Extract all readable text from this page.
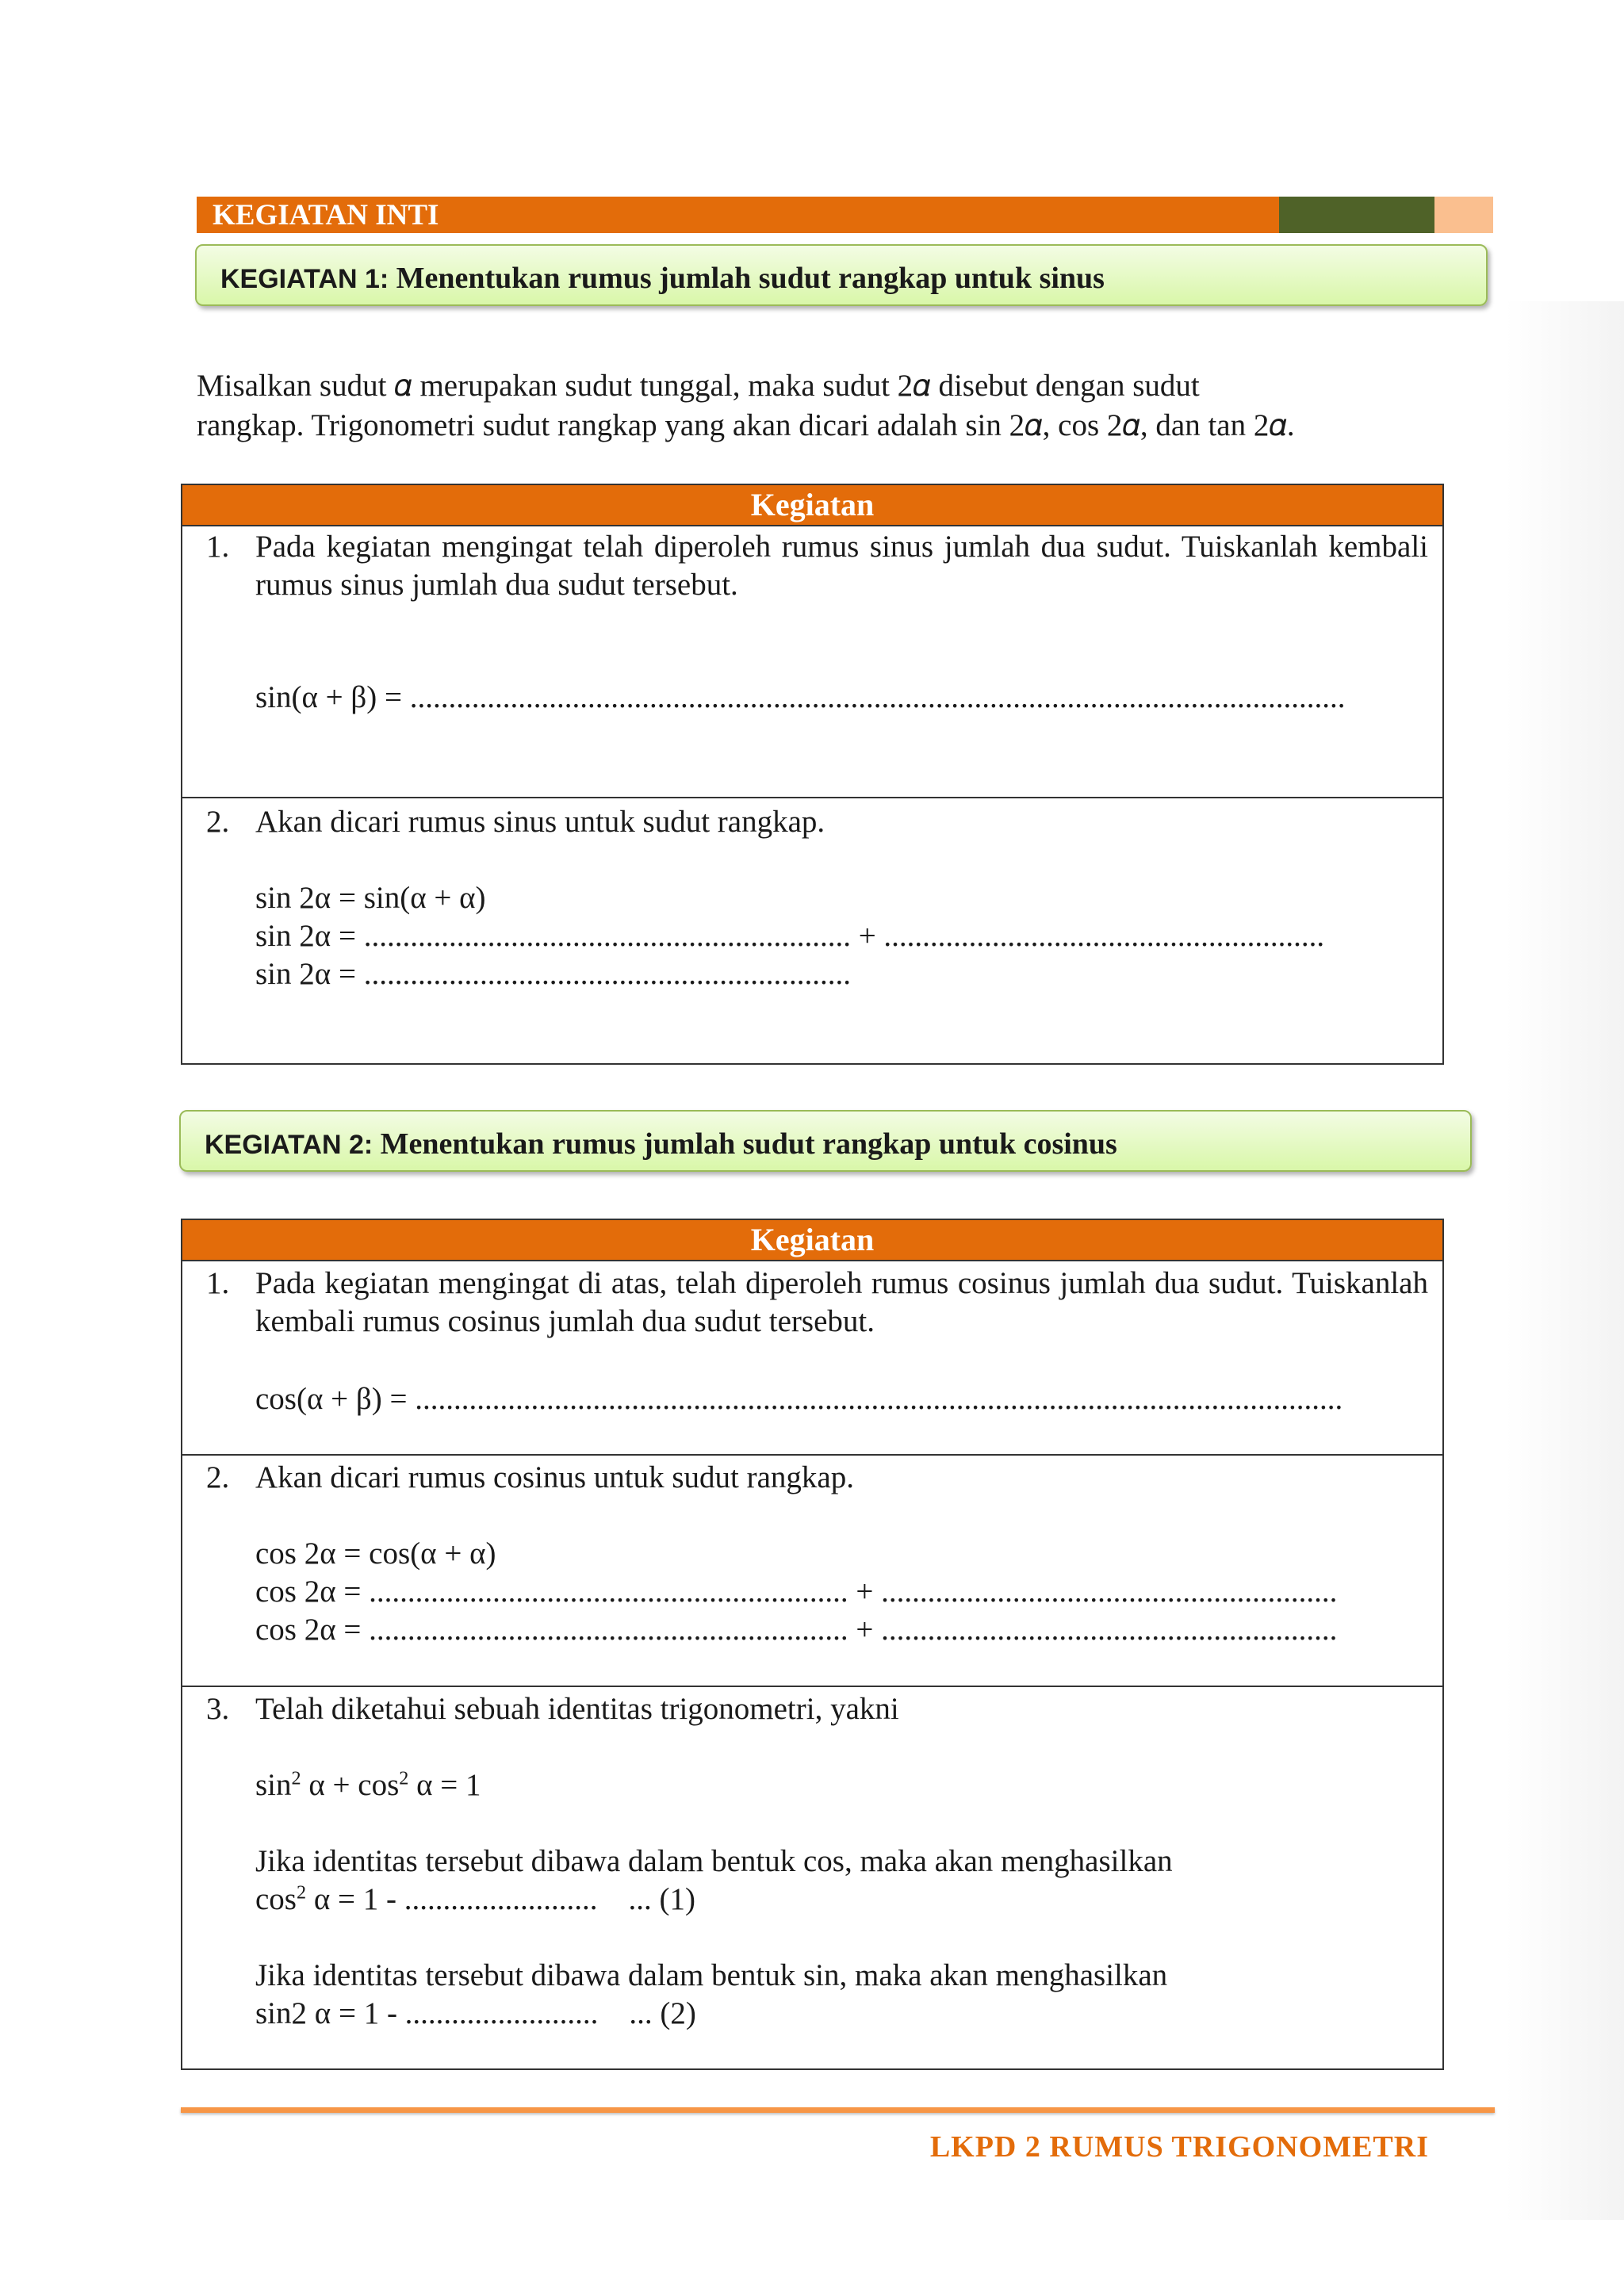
KEGIATAN INTI
KEGIATAN 1: Menentukan rumus jumlah sudut rangkap untuk sinus
Misalkan sudut 𝛼 merupakan sudut tunggal, maka sudut 2𝛼 disebut dengan sudut
rangkap. Trigonometri sudut rangkap yang akan dicari adalah sin 2𝛼, cos 2𝛼, dan tan 2𝛼.
Kegiatan
1. Pada kegiatan mengingat telah diperoleh rumus sinus jumlah dua sudut. Tuiskanlah kembali rumus sinus jumlah dua sudut tersebut.
sin(α + β) = .........................................................................................................................
2. Akan dicari rumus sinus untuk sudut rangkap.
sin 2α = sin(α + α)
sin 2α = ............................................................... + .........................................................
sin 2α = ...............................................................
KEGIATAN 2: Menentukan rumus jumlah sudut rangkap untuk cosinus
Kegiatan
1. Pada kegiatan mengingat di atas, telah diperoleh rumus cosinus jumlah dua sudut. Tuiskanlah kembali rumus cosinus jumlah dua sudut tersebut.
cos(α + β) = ........................................................................................................................
2. Akan dicari rumus cosinus untuk sudut rangkap.
cos 2α = cos(α + α)
cos 2α = .............................................................. + ...........................................................
cos 2α = .............................................................. + ...........................................................
3. Telah diketahui sebuah identitas trigonometri, yakni
$\sin^2 \alpha + \cos^2 \alpha = 1$
Jika identitas tersebut dibawa dalam bentuk cos, maka akan menghasilkan
$\cos^2 \alpha = 1$ - .........................    ... (1)
Jika identitas tersebut dibawa dalam bentuk sin, maka akan menghasilkan
sin2 α = 1 - .........................    ... (2)
LKPD 2 RUMUS TRIGONOMETRI
